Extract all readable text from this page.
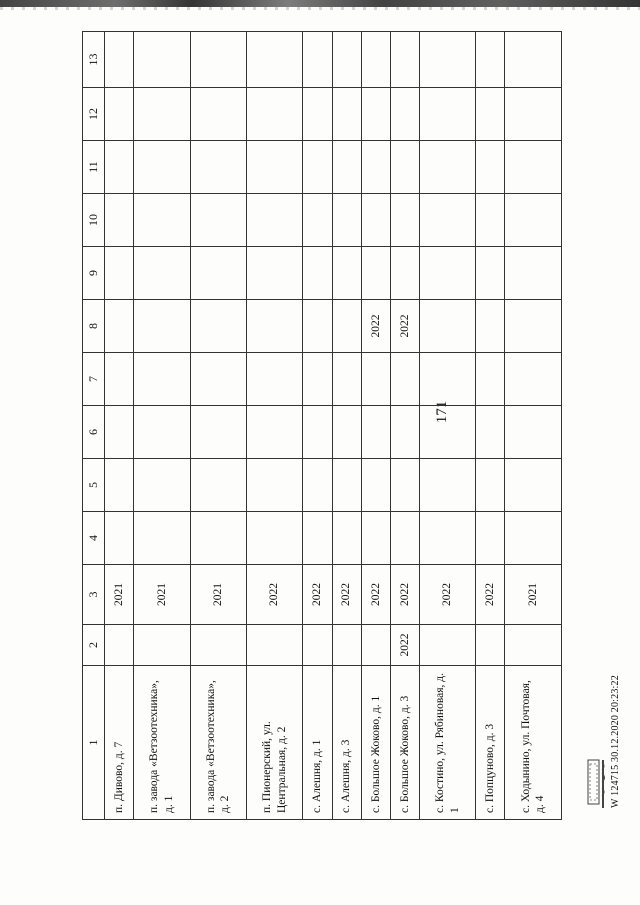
171
1	2	3	4	5	6	7	8	9	10	11	12	13
п. Дивово, д. 7		2021										
п. завода «Ветзоотехника», д. 1		2021										
п. завода «Ветзоотехника», д. 2		2021										
п. Пионерский, ул. Центральная, д. 2		2022										
с. Алешня, д. 1		2022										
с. Алешня, д. 3		2022										
с. Большое Жоково, д. 1		2022					2022					
с. Большое Жоково, д. 3	2022	2022					2022					
с. Костино, ул. Рябиновая, д. 1		2022										
с. Попцуново, д. 3		2022										
с. Ходынино, ул. Почтовая, д. 4		2021										
W 124715 30.12.2020 20:23:22
